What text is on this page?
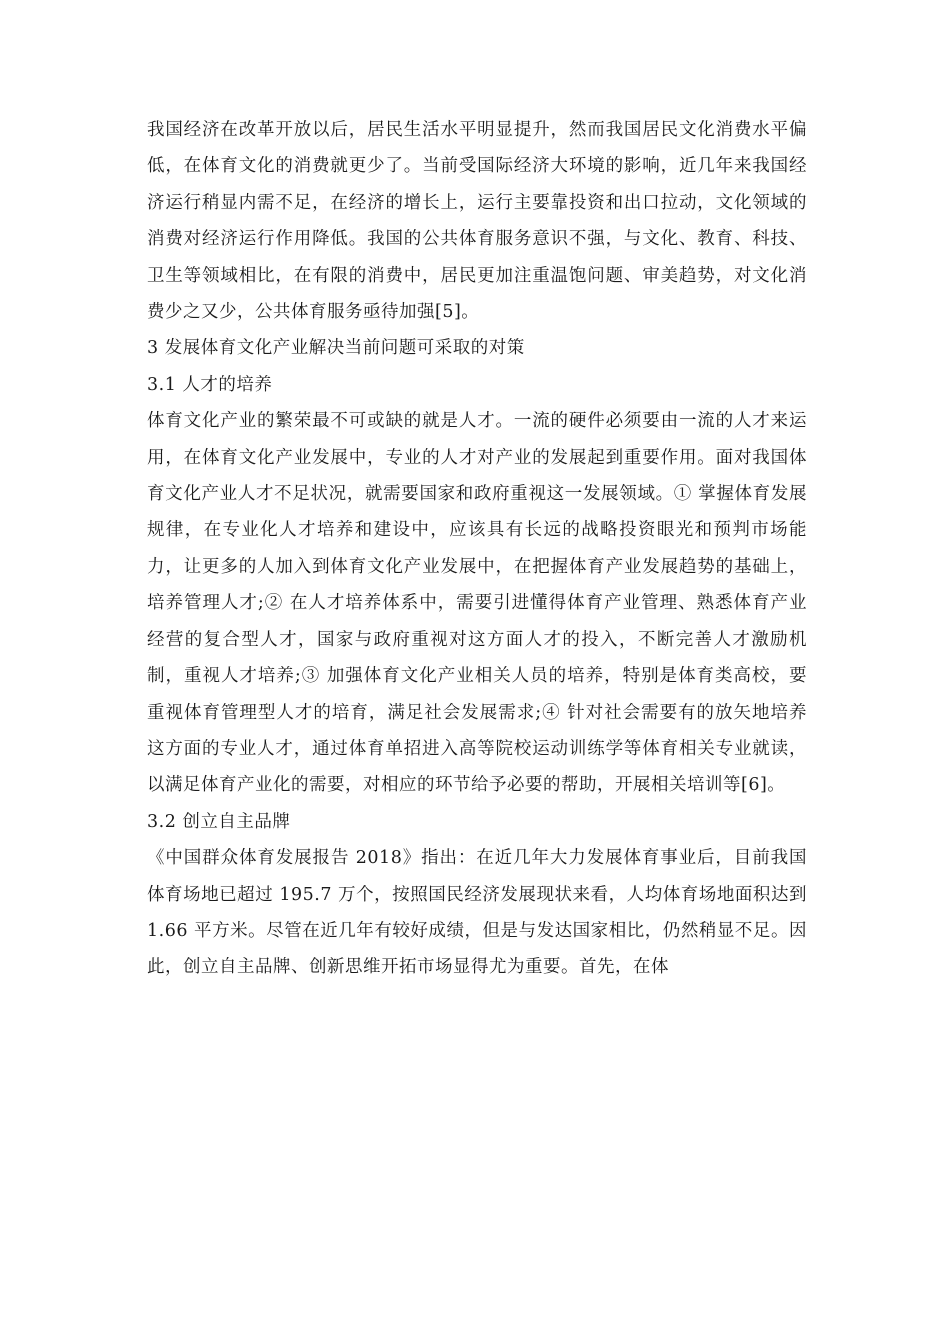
我国经济在改革开放以后，居民生活水平明显提升，然而我国居民文化消费水平偏低，在体育文化的消费就更少了。当前受国际经济大环境的影响，近几年来我国经济运行稍显内需不足，在经济的增长上，运行主要靠投资和出口拉动，文化领域的消费对经济运行作用降低。我国的公共体育服务意识不强，与文化、教育、科技、卫生等领域相比，在有限的消费中，居民更加注重温饱问题、审美趋势，对文化消费少之又少，公共体育服务亟待加强[5]。

3 发展体育文化产业解决当前问题可采取的对策

3.1 人才的培养

体育文化产业的繁荣最不可或缺的就是人才。一流的硬件必须要由一流的人才来运用，在体育文化产业发展中，专业的人才对产业的发展起到重要作用。面对我国体育文化产业人才不足状况，就需要国家和政府重视这一发展领域。① 掌握体育发展规律，在专业化人才培养和建设中，应该具有长远的战略投资眼光和预判市场能力，让更多的人加入到体育文化产业发展中，在把握体育产业发展趋势的基础上，培养管理人才;② 在人才培养体系中，需要引进懂得体育产业管理、熟悉体育产业经营的复合型人才，国家与政府重视对这方面人才的投入，不断完善人才激励机制，重视人才培养;③ 加强体育文化产业相关人员的培养，特别是体育类高校，要重视体育管理型人才的培育，满足社会发展需求;④ 针对社会需要有的放矢地培养这方面的专业人才，通过体育单招进入高等院校运动训练学等体育相关专业就读，以满足体育产业化的需要，对相应的环节给予必要的帮助，开展相关培训等[6]。

3.2 创立自主品牌

《中国群众体育发展报告 2018》指出：在近几年大力发展体育事业后，目前我国体育场地已超过 195.7 万个，按照国民经济发展现状来看，人均体育场地面积达到 1.66 平方米。尽管在近几年有较好成绩，但是与发达国家相比，仍然稍显不足。因此，创立自主品牌、创新思维开拓市场显得尤为重要。首先，在体
